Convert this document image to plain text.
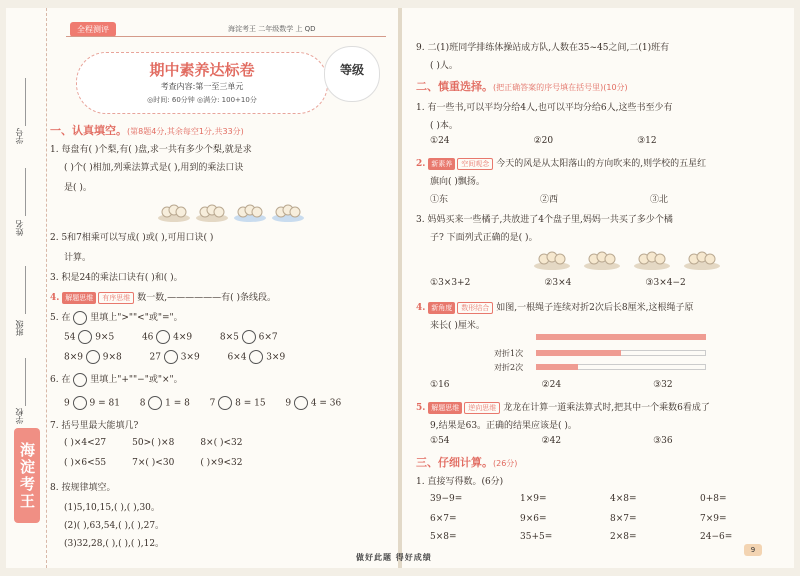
学号
姓名
班级
学校
海淀考王
全程测评	海淀考王 二年级数学 上 QD
期中素养达标卷
考查内容:第一至三单元
◎时间: 60分钟 ◎满分: 100+10分
等级
一、认真填空。(第8题4分,其余每空1分,共33分)
1. 每盘有( )个梨,有( )盘,求一共有多少个梨,就是求
( )个( )相加,列乘法算式是( ),用到的乘法口诀
是( )。
2. 5和7相乘可以写成( )或( ),可用口诀( )
计算。
3. 积是24的乘法口诀有( )和( )。
4. 解题思维 有序思维 数一数,——————有( )条线段。
5. 在 里填上">""<"或"="。
54 9×5	46 4×9	8×5 6×7
8×9 9×8	27 3×9	6×4 3×9
6. 在 里填上"+""−"或"×"。
9 9 = 81 8 1 = 8 7 8 = 15 9 4 = 36
7. 括号里最大能填几?
( )×4<27	50>( )×8	8×( )<32
( )×6<55	7×( )<30	( )×9<32
8. 按规律填空。
(1)5,10,15,( ),( ),30。
(2)( ),63,54,( ),( ),27。
(3)32,28,( ),( ),( ),12。
9. 二(1)班同学排练体操站成方队,人数在35~45之间,二(1)班有
( )人。
二、慎重选择。(把正确答案的序号填在括号里)(10分)
1. 有一些书,可以平均分给4人,也可以平均分给6人,这些书至少有
( )本。
①24	②20	③12
2. 新素养 空间观念 今天的风是从太阳落山的方向吹来的,则学校的五星红
旗向( )飘扬。
①东	②西	③北
3. 妈妈买来一些橘子,共放进了4个盘子里,妈妈一共买了多少个橘
子? 下面列式正确的是( )。
①3×3+2	②3×4	③3×4−2
4. 新角度 数形结合 如图,一根绳子连续对折2次后长8厘米,这根绳子原
来长( )厘米。
对折1次
对折2次
①16	②24	③32
5. 解题思维 逆向思维 龙龙在计算一道乘法算式时,把其中一个乘数6看成了
9,结果是63。正确的结果应该是( )。
①54	②42	③36
三、仔细计算。(26分)
1. 直接写得数。(6分)
39−9=	1×9=	4×8=	0+8=
6×7=	9×6=	8×7=	7×9=
5×8=	35+5=	2×8=	24−6=
9
做好此题 得好成绩
